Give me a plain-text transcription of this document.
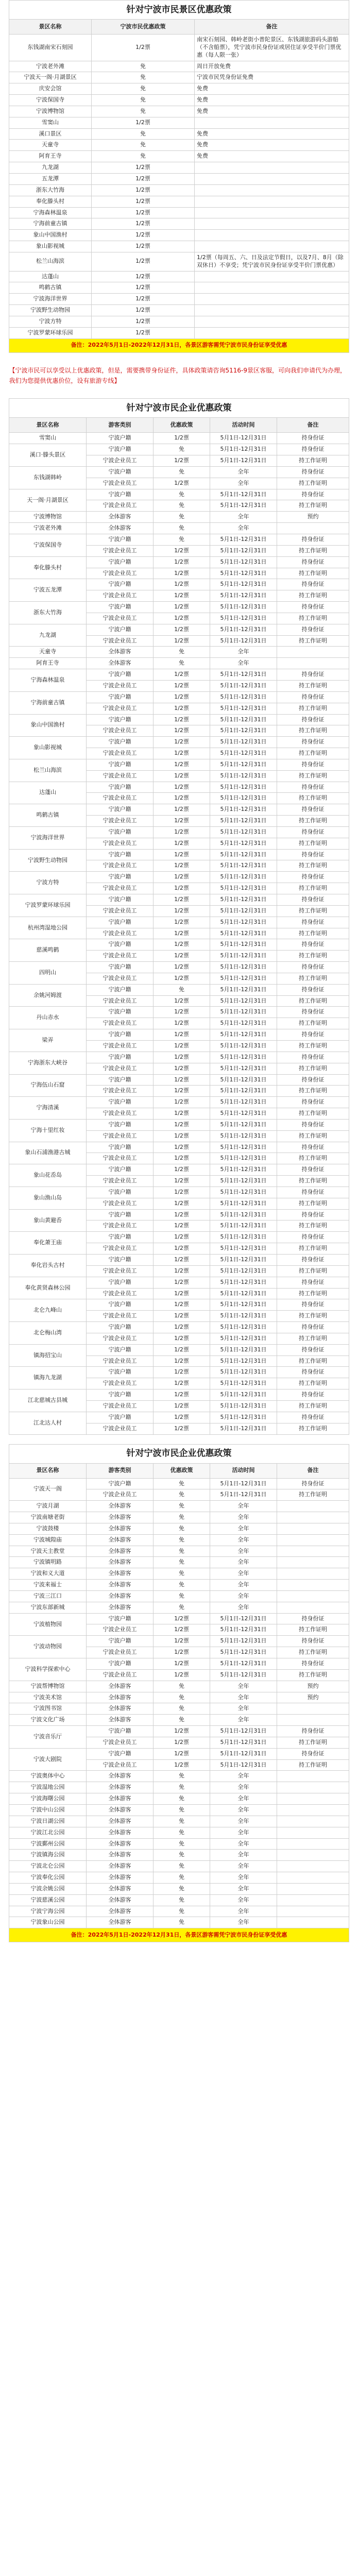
针对宁波市民景区优惠政策		
景区名称	宁波市民优惠政策	备注
东钱湖南宋石刻园	1/2票	南宋石刻园、韩岭老街小普陀景区、东钱湖旅游码头游船（不含船票），凭宁波市民身份证或居住证享受半价门票优惠（每人限一张）
宁波老外滩	免	周日开放免费
宁波天一阁·月湖景区	免	宁波市民凭身份证免费
庆安会馆	免	免费
宁波保国寺	免	免费
宁波博物馆	免	免费
雪窦山	1/2票	
溪口景区	免	免费
天童寺	免	免费
阿育王寺	免	免费
九龙湖	1/2票	
五龙潭	1/2票	
浙东大竹海	1/2票	
奉化滕头村	1/2票	
宁海森林温泉	1/2票	
宁海前童古镇	1/2票	
象山中国渔村	1/2票	
象山影视城	1/2票	
松兰山海滨	1/2票	1/2票（每周五、六、日及法定节假日，以及7月、8月（除双休日）不享受；凭宁波市民身份证享受半价门票优惠）
达蓬山	1/2票	
鸣鹤古镇	1/2票	
宁波海洋世界	1/2票	
宁波野生动物园	1/2票	
宁波方特	1/2票	
宁波罗蒙环球乐园	1/2票	
备注：2022年5月1日-2022年12月31日，各景区游客需凭宁波市民身份证享受优惠		
【宁波市民可以享受以上优惠政策，但是，需要携带身份证件，具体政策请咨询5116-9景区客服，可向我们申请代为办理，我们为您提供优惠价位，设有旅游专线】
针对宁波市民企业优惠政策				
景区名称	游客类别	优惠政策	活动时间	备注
雪窦山	宁波户籍	1/2票	5月1日-12月31日	持身份证
溪口·滕头景区	宁波户籍	免	5月1日-12月31日	持身份证
	宁波企业员工	1/2票	5月1日-12月31日	持工作证明
东钱湖韩岭	宁波户籍	免	全年	持身份证
	宁波企业员工	1/2票	全年	持工作证明
天一阁·月湖景区	宁波户籍	免	5月1日-12月31日	持身份证
	宁波企业员工	免	5月1日-12月31日	持工作证明
宁波博物馆	全体游客	免	全年	预约
宁波老外滩	全体游客	免	全年	
宁波保国寺	宁波户籍	免	5月1日-12月31日	持身份证
	宁波企业员工	1/2票	5月1日-12月31日	持工作证明
奉化滕头村	宁波户籍	1/2票	5月1日-12月31日	持身份证
	宁波企业员工	1/2票	5月1日-12月31日	持工作证明
宁波五龙潭	宁波户籍	1/2票	5月1日-12月31日	持身份证
	宁波企业员工	1/2票	5月1日-12月31日	持工作证明
浙东大竹海	宁波户籍	1/2票	5月1日-12月31日	持身份证
	宁波企业员工	1/2票	5月1日-12月31日	持工作证明
九龙湖	宁波户籍	1/2票	5月1日-12月31日	持身份证
	宁波企业员工	1/2票	5月1日-12月31日	持工作证明
天童寺	全体游客	免	全年	
阿育王寺	全体游客	免	全年	
宁海森林温泉	宁波户籍	1/2票	5月1日-12月31日	持身份证
	宁波企业员工	1/2票	5月1日-12月31日	持工作证明
宁海前童古镇	宁波户籍	1/2票	5月1日-12月31日	持身份证
	宁波企业员工	1/2票	5月1日-12月31日	持工作证明
象山中国渔村	宁波户籍	1/2票	5月1日-12月31日	持身份证
	宁波企业员工	1/2票	5月1日-12月31日	持工作证明
象山影视城	宁波户籍	1/2票	5月1日-12月31日	持身份证
	宁波企业员工	1/2票	5月1日-12月31日	持工作证明
松兰山海滨	宁波户籍	1/2票	5月1日-12月31日	持身份证
	宁波企业员工	1/2票	5月1日-12月31日	持工作证明
达蓬山	宁波户籍	1/2票	5月1日-12月31日	持身份证
	宁波企业员工	1/2票	5月1日-12月31日	持工作证明
鸣鹤古镇	宁波户籍	1/2票	5月1日-12月31日	持身份证
	宁波企业员工	1/2票	5月1日-12月31日	持工作证明
宁波海洋世界	宁波户籍	1/2票	5月1日-12月31日	持身份证
	宁波企业员工	1/2票	5月1日-12月31日	持工作证明
宁波野生动物园	宁波户籍	1/2票	5月1日-12月31日	持身份证
	宁波企业员工	1/2票	5月1日-12月31日	持工作证明
宁波方特	宁波户籍	1/2票	5月1日-12月31日	持身份证
	宁波企业员工	1/2票	5月1日-12月31日	持工作证明
宁波罗蒙环球乐园	宁波户籍	1/2票	5月1日-12月31日	持身份证
	宁波企业员工	1/2票	5月1日-12月31日	持工作证明
杭州湾湿地公园	宁波户籍	1/2票	5月1日-12月31日	持身份证
	宁波企业员工	1/2票	5月1日-12月31日	持工作证明
慈溪鸣鹤	宁波户籍	1/2票	5月1日-12月31日	持身份证
	宁波企业员工	1/2票	5月1日-12月31日	持工作证明
四明山	宁波户籍	1/2票	5月1日-12月31日	持身份证
	宁波企业员工	1/2票	5月1日-12月31日	持工作证明
余姚河姆渡	宁波户籍	免	5月1日-12月31日	持身份证
	宁波企业员工	1/2票	5月1日-12月31日	持工作证明
丹山赤水	宁波户籍	1/2票	5月1日-12月31日	持身份证
	宁波企业员工	1/2票	5月1日-12月31日	持工作证明
梁弄	宁波户籍	1/2票	5月1日-12月31日	持身份证
	宁波企业员工	1/2票	5月1日-12月31日	持工作证明
宁海浙东大峡谷	宁波户籍	1/2票	5月1日-12月31日	持身份证
	宁波企业员工	1/2票	5月1日-12月31日	持工作证明
宁海伍山石窟	宁波户籍	1/2票	5月1日-12月31日	持身份证
	宁波企业员工	1/2票	5月1日-12月31日	持工作证明
宁海清溪	宁波户籍	1/2票	5月1日-12月31日	持身份证
	宁波企业员工	1/2票	5月1日-12月31日	持工作证明
宁海十里红妆	宁波户籍	1/2票	5月1日-12月31日	持身份证
	宁波企业员工	1/2票	5月1日-12月31日	持工作证明
象山石浦渔港古城	宁波户籍	1/2票	5月1日-12月31日	持身份证
	宁波企业员工	1/2票	5月1日-12月31日	持工作证明
象山花岙岛	宁波户籍	1/2票	5月1日-12月31日	持身份证
	宁波企业员工	1/2票	5月1日-12月31日	持工作证明
象山渔山岛	宁波户籍	1/2票	5月1日-12月31日	持身份证
	宁波企业员工	1/2票	5月1日-12月31日	持工作证明
象山黄避岙	宁波户籍	1/2票	5月1日-12月31日	持身份证
	宁波企业员工	1/2票	5月1日-12月31日	持工作证明
奉化萧王庙	宁波户籍	1/2票	5月1日-12月31日	持身份证
	宁波企业员工	1/2票	5月1日-12月31日	持工作证明
奉化岩头古村	宁波户籍	1/2票	5月1日-12月31日	持身份证
	宁波企业员工	1/2票	5月1日-12月31日	持工作证明
奉化黄贤森林公园	宁波户籍	1/2票	5月1日-12月31日	持身份证
	宁波企业员工	1/2票	5月1日-12月31日	持工作证明
北仑九峰山	宁波户籍	1/2票	5月1日-12月31日	持身份证
	宁波企业员工	1/2票	5月1日-12月31日	持工作证明
北仑梅山湾	宁波户籍	1/2票	5月1日-12月31日	持身份证
	宁波企业员工	1/2票	5月1日-12月31日	持工作证明
镇海招宝山	宁波户籍	1/2票	5月1日-12月31日	持身份证
	宁波企业员工	1/2票	5月1日-12月31日	持工作证明
镇海九龙湖	宁波户籍	1/2票	5月1日-12月31日	持身份证
	宁波企业员工	1/2票	5月1日-12月31日	持工作证明
江北慈城古县城	宁波户籍	1/2票	5月1日-12月31日	持身份证
	宁波企业员工	1/2票	5月1日-12月31日	持工作证明
江北达人村	宁波户籍	1/2票	5月1日-12月31日	持身份证
	宁波企业员工	1/2票	5月1日-12月31日	持工作证明
针对宁波市民企业优惠政策				
景区名称	游客类别	优惠政策	活动时间	备注
宁波天一阁	宁波户籍	免	5月1日-12月31日	持身份证
	宁波企业员工	免	5月1日-12月31日	持工作证明
宁波月湖	全体游客	免	全年	
宁波南塘老街	全体游客	免	全年	
宁波鼓楼	全体游客	免	全年	
宁波城隍庙	全体游客	免	全年	
宁波天主教堂	全体游客	免	全年	
宁波镇明路	全体游客	免	全年	
宁波和义大道	全体游客	免	全年	
宁波来福士	全体游客	免	全年	
宁波三江口	全体游客	免	全年	
宁波东部新城	全体游客	免	全年	
宁波植物园	宁波户籍	1/2票	5月1日-12月31日	持身份证
	宁波企业员工	1/2票	5月1日-12月31日	持工作证明
宁波动物园	宁波户籍	1/2票	5月1日-12月31日	持身份证
	宁波企业员工	1/2票	5月1日-12月31日	持工作证明
宁波科学探索中心	宁波户籍	1/2票	5月1日-12月31日	持身份证
	宁波企业员工	1/2票	5月1日-12月31日	持工作证明
宁波帮博物馆	全体游客	免	全年	预约
宁波美术馆	全体游客	免	全年	预约
宁波图书馆	全体游客	免	全年	
宁波文化广场	全体游客	免	全年	
宁波音乐厅	宁波户籍	1/2票	5月1日-12月31日	持身份证
	宁波企业员工	1/2票	5月1日-12月31日	持工作证明
宁波大剧院	宁波户籍	1/2票	5月1日-12月31日	持身份证
	宁波企业员工	1/2票	5月1日-12月31日	持工作证明
宁波奥体中心	全体游客	免	全年	
宁波湿地公园	全体游客	免	全年	
宁波海曙公园	全体游客	免	全年	
宁波中山公园	全体游客	免	全年	
宁波日湖公园	全体游客	免	全年	
宁波江北公园	全体游客	免	全年	
宁波鄞州公园	全体游客	免	全年	
宁波镇海公园	全体游客	免	全年	
宁波北仑公园	全体游客	免	全年	
宁波奉化公园	全体游客	免	全年	
宁波余姚公园	全体游客	免	全年	
宁波慈溪公园	全体游客	免	全年	
宁波宁海公园	全体游客	免	全年	
宁波象山公园	全体游客	免	全年	
备注：2022年5月1日-2022年12月31日，各景区游客需凭宁波市民身份证享受优惠				
